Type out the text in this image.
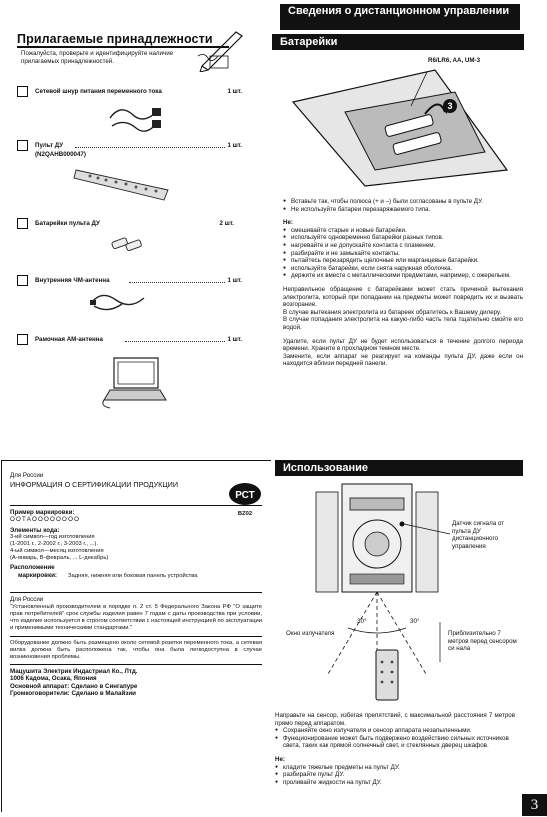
Прилагаемые принадлежности
Пожалуйста, проверьте и идентифицируйте наличие прилагаемых принадлежностей.
Сетевой шнур питания переменного тока	1 шт.
Пульт ДУ	1 шт.
(N2QAHB000047)
Батарейки пульта ДУ	2 шт.
Внутренняя ЧМ-антенна	1 шт.
Рамочная AM-антенна	1 шт.
Для России
ИНФОРМАЦИЯ О СЕРТИФИКАЦИИ ПРОДУКЦИИ
Пример маркировки:
ООТАОООООООО
Элементы кода:
3-ий символ—год изготовления
(1-2001 г., 2-2002 г., 3-2003 г., ...).
4-ый символ—месяц изготовления
(А-январь, В-февраль, ... L-декабрь)
Расположение
маркировки: Задняя, нижняя или боковая панель устройства
Для России
"Установленный производителем в порядке п. 2 ст. 5 Федерального Закона РФ "О защите прав потребителей" срок службы изделия равен 7 годам с даты производства при условии, что изделие используется в строгом соответствии с настоящей инструкцией по эксплуатации и применимыми техническими стандартами."
Оборудование должно быть размещено около сетевой розетки переменного тока, а сетевая вилка должна быть расположена так, чтобы она была легкодоступна в случае возникновения проблемы.
Мацушита Электрик Индастриал Ко., Лтд.
1006 Кадома, Осака, Япония
Основной аппарат: Сделано в Сингапуре
Громкоговорители: Сделано в Малайзии
РСТ
ВZ02
Сведения о дистанционном управлении
Батарейки
R6/LR6, AA, UM-3
3
● Вставьте так, чтобы полюса (+ и –) были согласованы в пульте ДУ.
● Не используйте батареи перезаряжаемого типа.
Не:
● смешивайте старые и новые батарейки.
● используйте одновременно батарейки разных типов.
● нагревайте и не допускайте контакта с пламенем.
● разбирайте и не замыкайте контакты.
● пытайтесь перезарядить щелочные или марганцевые батарейки.
● используйте батарейки, если снята наружная оболочка.
● держите их вместе с металлическими предметами, например, с ожерельем.
Неправильное обращение с батарейками может стать причиной вытекания электролита, который при попадании на предметы может повредить их и вызвать возгорание.
В случае вытекания электролита из батареек обратитесь к Вашему дилеру.
В случае попадания электролита на какую-либо часть тела тщательно смойте его водой.
Удалите, если пульт ДУ не будет использоваться в течение долгого периода времени. Храните в прохладном темном месте.
Замените, если аппарат не реагирует на команды пульта ДУ, даже если он находится вблизи передней панели.
Использование
Датчик сигнала от пульта ДУ дистанционного управления
30°	30°
Окно излучателя	Приблизительно 7 метров перед сенсором си нала
Направьте на сенсор, избегая препятствий, с максимальной расстояния 7 метров прямо перед аппаратом.
● Сохраняйте окно излучателя и сенсор аппарата незапыленными.
● Функционирование может быть подвержено воздействию сильных источников света, таких как прямой солнечный свет, и стеклянных дверец шкафов.
Не:
● кладите тяжелые предметы на пульт ДУ.
● разбирайте пульт ДУ.
● проливайте жидкости на пульт ДУ.
3
